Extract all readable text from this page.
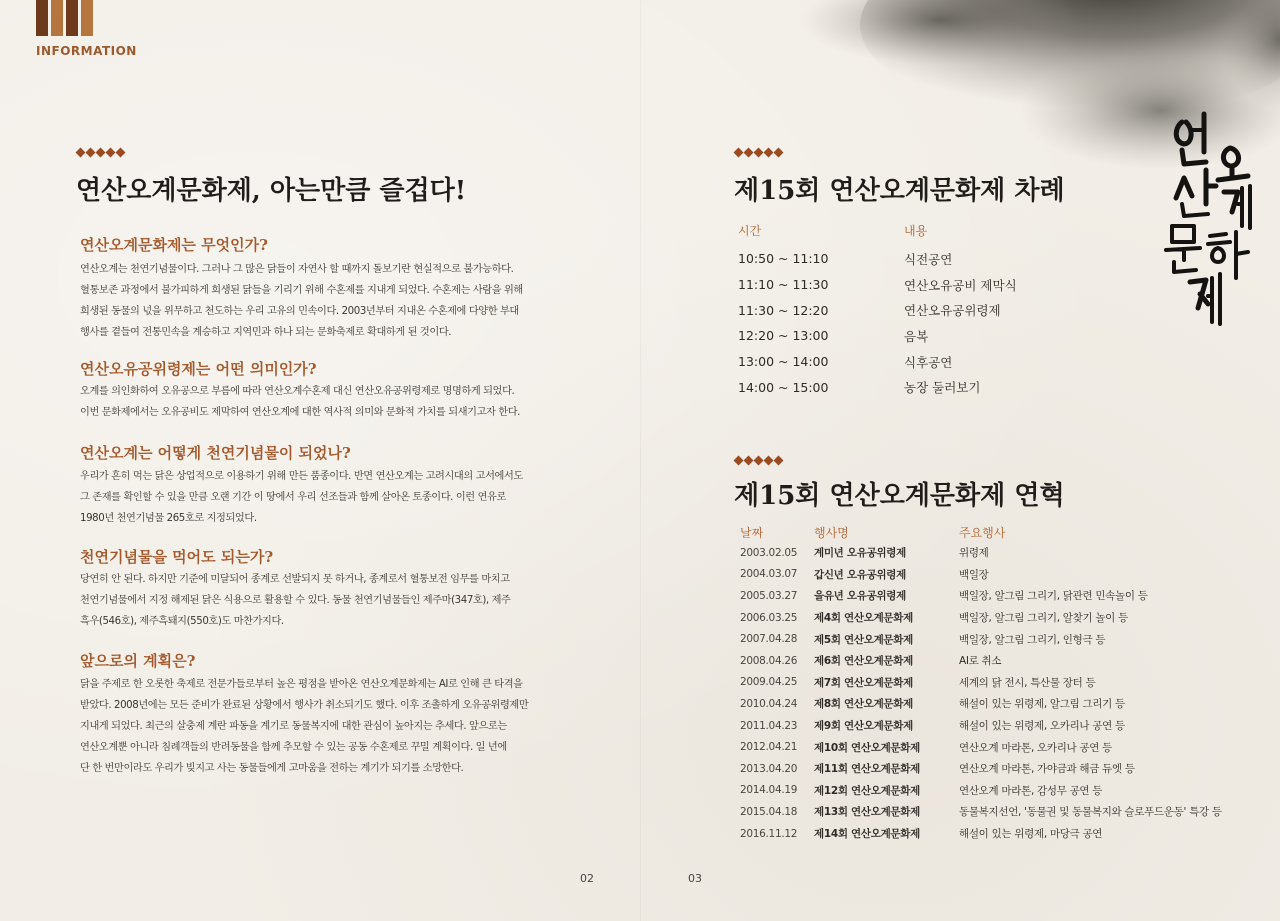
INFORMATION
연산오계문화제, 아는만큼 즐겁다!
연산오계문화제는 무엇인가?
연산오계는 천연기념물이다. 그러나 그 많은 닭들이 자연사 할 때까지 돌보기란 현실적으로 불가능하다.
혈통보존 과정에서 불가피하게 희생된 닭들을 기리기 위해 수혼제를 지내게 되었다. 수혼제는 사람을 위해
희생된 동물의 넋을 위무하고 천도하는 우리 고유의 민속이다. 2003년부터 지내온 수혼제에 다양한 부대
행사를 곁들여 전통민속을 계승하고 지역민과 하나 되는 문화축제로 확대하게 된 것이다.
연산오유공위령제는 어떤 의미인가?
오계를 의인화하여 오유공으로 부름에 따라 연산오계수혼제 대신 연산오유공위령제로 명명하게 되었다.
이번 문화제에서는 오유공비도 제막하여 연산오계에 대한 역사적 의미와 문화적 가치를 되새기고자 한다.
연산오계는 어떻게 천연기념물이 되었나?
우리가 흔히 먹는 닭은 상업적으로 이용하기 위해 만든 품종이다. 반면 연산오계는 고려시대의 고서에서도
그 존재를 확인할 수 있을 만큼 오랜 기간 이 땅에서 우리 선조들과 함께 살아온 토종이다. 이런 연유로
1980년 천연기념물 265호로 지정되었다.
천연기념물을 먹어도 되는가?
당연히 안 된다. 하지만 기준에 미달되어 종계로 선발되지 못 하거나, 종계로서 혈통보전 임무를 마치고
천연기념물에서 지정 해제된 닭은 식용으로 활용할 수 있다. 동물 천연기념물들인 제주마(347호), 제주
흑우(546호), 제주흑돼지(550호)도 마찬가지다.
앞으로의 계획은?
닭을 주제로 한 오롯한 축제로 전문가들로부터 높은 평점을 받아온 연산오계문화제는 AI로 인해 큰 타격을
받았다. 2008년에는 모든 준비가 완료된 상황에서 행사가 취소되기도 했다. 이후 조촐하게 오유공위령제만
지내게 되었다. 최근의 살충제 계란 파동을 계기로 동물복지에 대한 관심이 높아지는 추세다. 앞으로는
연산오계뿐 아니라 침례객들의 반려동물을 함께 추모할 수 있는 공동 수혼제로 꾸밀 계획이다. 일 년에
단 한 번만이라도 우리가 빚지고 사는 동물들에게 고마움을 전하는 계기가 되기를 소망한다.
02
제15회 연산오계문화제 차례
시간	내용
10:50 ~ 11:10	식전공연
11:10 ~ 11:30	연산오유공비 제막식
11:30 ~ 12:20	연산오유공위령제
12:20 ~ 13:00	음복
13:00 ~ 14:00	식후공연
14:00 ~ 15:00	농장 둘러보기
제15회 연산오계문화제 연혁
날짜	행사명	주요행사
2003.02.05	계미년 오유공위령제	위령제
2004.03.07	갑신년 오유공위령제	백일장
2005.03.27	을유년 오유공위령제	백일장, 알그림 그리기, 닭관련 민속놀이 등
2006.03.25	제4회 연산오계문화제	백일장, 알그림 그리기, 알찾기 놀이 등
2007.04.28	제5회 연산오계문화제	백일장, 알그림 그리기, 인형극 등
2008.04.26	제6회 연산오계문화제	AI로 취소
2009.04.25	제7회 연산오계문화제	세계의 닭 전시, 특산물 장터 등
2010.04.24	제8회 연산오계문화제	해설이 있는 위령제, 알그림 그리기 등
2011.04.23	제9회 연산오계문화제	해설이 있는 위령제, 오카리나 공연 등
2012.04.21	제10회 연산오계문화제	연산오계 마라톤, 오카리나 공연 등
2013.04.20	제11회 연산오계문화제	연산오계 마라톤, 가야금과 해금 듀엣 등
2014.04.19	제12회 연산오계문화제	연산오계 마라톤, 감성무 공연 등
2015.04.18	제13회 연산오계문화제	동물복지선언, '동물권 및 동물복지와 슬로푸드운동' 특강 등
2016.11.12	제14회 연산오계문화제	해설이 있는 위령제, 마당극 공연
03
